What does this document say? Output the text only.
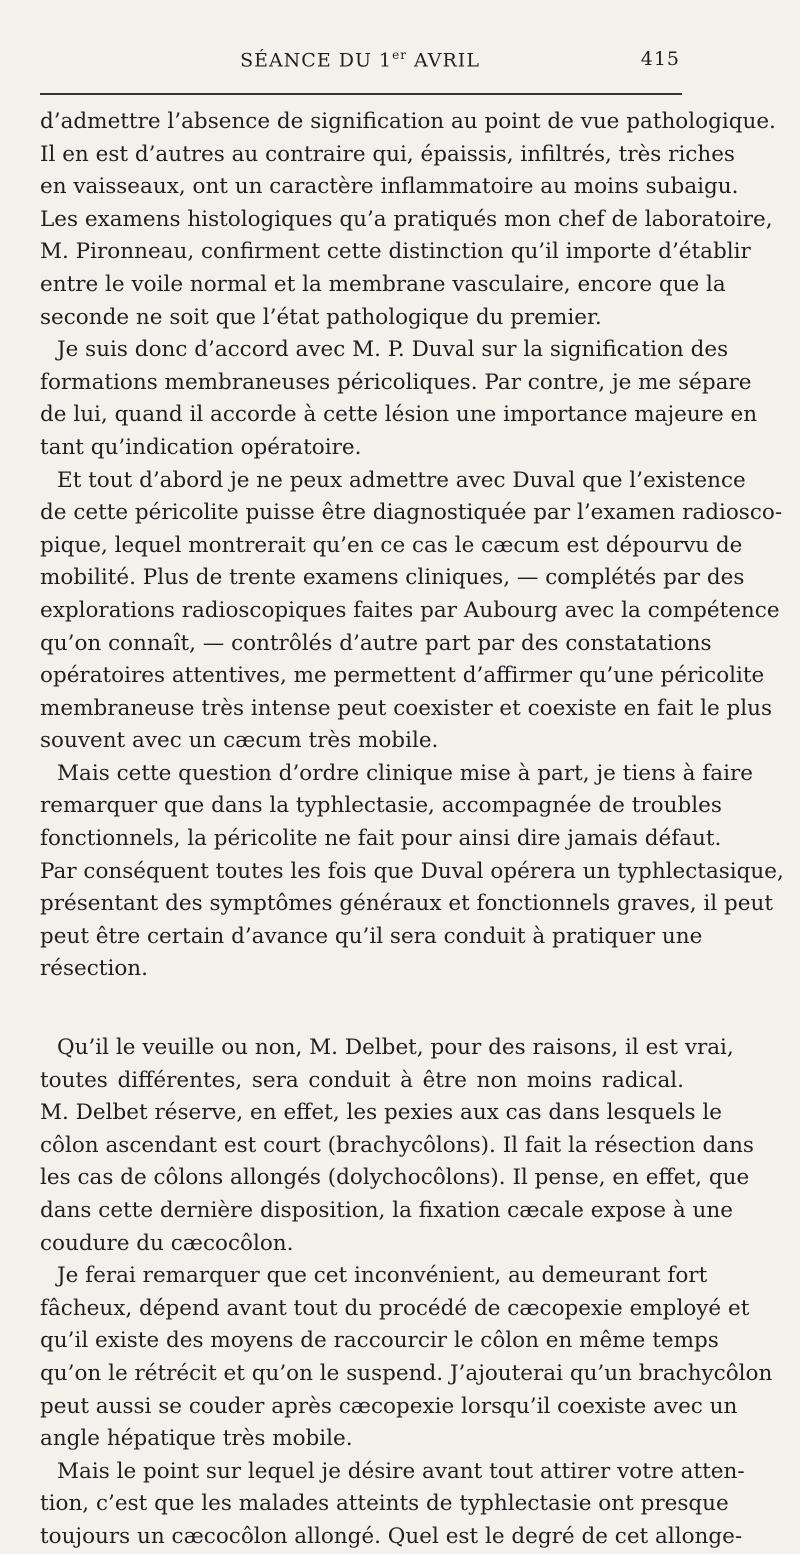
SÉANCE DU 1er AVRIL	415
d’admettre l’absence de signification au point de vue pathologique.
Il en est d’autres au contraire qui, épaissis, infiltrés, très riches
en vaisseaux, ont un caractère inflammatoire au moins subaigu.
Les examens histologiques qu’a pratiqués mon chef de laboratoire,
M. Pironneau, confirment cette distinction qu’il importe d’établir
entre le voile normal et la membrane vasculaire, encore que la
seconde ne soit que l’état pathologique du premier.
Je suis donc d’accord avec M. P. Duval sur la signification des
formations membraneuses péricoliques. Par contre, je me sépare
de lui, quand il accorde à cette lésion une importance majeure en
tant qu’indication opératoire.
Et tout d’abord je ne peux admettre avec Duval que l’existence
de cette péricolite puisse être diagnostiquée par l’examen radiosco-
pique, lequel montrerait qu’en ce cas le cæcum est dépourvu de
mobilité. Plus de trente examens cliniques, — complétés par des
explorations radioscopiques faites par Aubourg avec la compétence
qu’on connaît, — contrôlés d’autre part par des constatations
opératoires attentives, me permettent d’affirmer qu’une péricolite
membraneuse très intense peut coexister et coexiste en fait le plus
souvent avec un cæcum très mobile.
Mais cette question d’ordre clinique mise à part, je tiens à faire
remarquer que dans la typhlectasie, accompagnée de troubles
fonctionnels, la péricolite ne fait pour ainsi dire jamais défaut.
Par conséquent toutes les fois que Duval opérera un typhlectasique,
présentant des symptômes généraux et fonctionnels graves, il peut
peut être certain d’avance qu’il sera conduit à pratiquer une
résection.
Qu’il le veuille ou non, M. Delbet, pour des raisons, il est vrai,
toutes différentes, sera conduit à être non moins radical.
M. Delbet réserve, en effet, les pexies aux cas dans lesquels le
côlon ascendant est court (brachycôlons). Il fait la résection dans
les cas de côlons allongés (dolychocôlons). Il pense, en effet, que
dans cette dernière disposition, la fixation cæcale expose à une
coudure du cæcocôlon.
Je ferai remarquer que cet inconvénient, au demeurant fort
fâcheux, dépend avant tout du procédé de cæcopexie employé et
qu’il existe des moyens de raccourcir le côlon en même temps
qu’on le rétrécit et qu’on le suspend. J’ajouterai qu’un brachycôlon
peut aussi se couder après cæcopexie lorsqu’il coexiste avec un
angle hépatique très mobile.
Mais le point sur lequel je désire avant tout attirer votre atten-
tion, c’est que les malades atteints de typhlectasie ont presque
toujours un cæcocôlon allongé. Quel est le degré de cet allonge-
